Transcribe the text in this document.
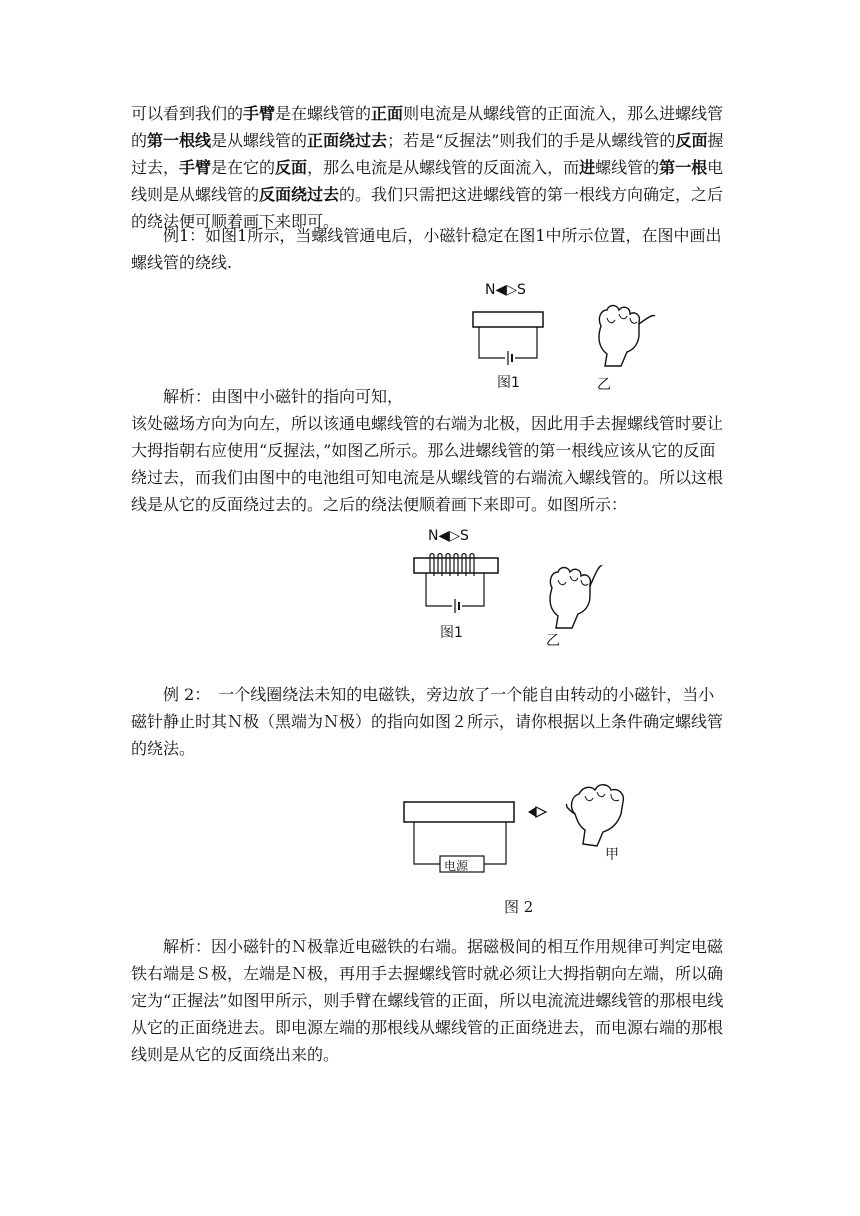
可以看到我们的手臂是在螺线管的正面则电流是从螺线管的正面流入，那么进螺线管的第一根线是从螺线管的正面绕过去；若是“反握法”则我们的手是从螺线管的反面握过去，手臂是在它的反面，那么电流是从螺线管的反面流入，而进螺线管的第一根电线则是从螺线管的反面绕过去的。我们只需把这进螺线管的第一根线方向确定，之后的绕法便可顺着画下来即可。

例1：如图1所示，当螺线管通电后，小磁针稳定在图1中所示位置，在图中画出螺线管的绕线.

N◀▷S
图1	乙

解析：由图中小磁针的指向可知，

该处磁场方向为向左，所以该通电螺线管的右端为北极，因此用手去握螺线管时要让大拇指朝右应使用“反握法，”如图乙所示。那么进螺线管的第一根线应该从它的反面绕过去，而我们由图中的电池组可知电流是从螺线管的右端流入螺线管的。所以这根线是从它的反面绕过去的。之后的绕法便顺着画下来即可。如图所示：

N◀▷S
图1	乙

例 2：　一个线圈绕法未知的电磁铁，旁边放了一个能自由转动的小磁针，当小磁针静止时其Ｎ极（黑端为Ｎ极）的指向如图２所示，请你根据以上条件确定螺线管的绕法。

电源
甲
图 2

解析：因小磁针的Ｎ极靠近电磁铁的右端。据磁极间的相互作用规律可判定电磁铁右端是Ｓ极，左端是Ｎ极，再用手去握螺线管时就必须让大拇指朝向左端，所以确定为“正握法”如图甲所示，则手臂在螺线管的正面，所以电流流进螺线管的那根电线从它的正面绕进去。即电源左端的那根线从螺线管的正面绕进去，而电源右端的那根线则是从它的反面绕出来的。
